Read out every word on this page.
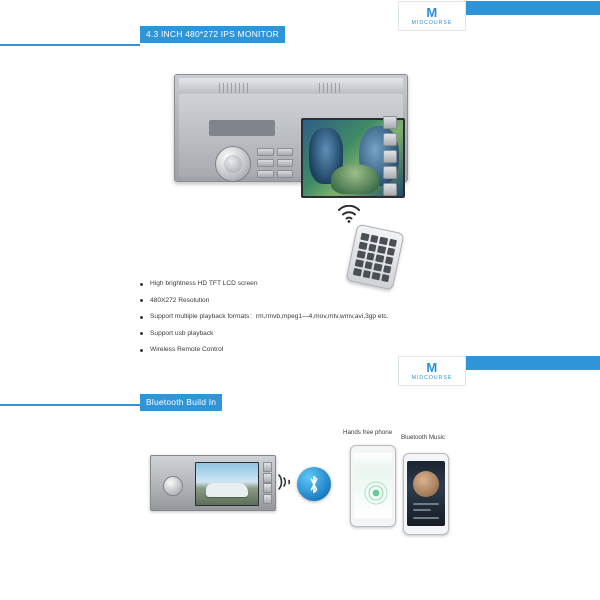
M
MIDCOURSE
4.3 INCH 480*272 IPS MONITOR
High brightness HD TFT LCD screen
480X272 Resolution
Support multiple playback formats：rm,rmvb,mpeg1—4,mov,mtv,wmv,avi,3gp etc.
Support usb playback
Wireless Remote Control
M
MIDCOURSE
Bluetooth Build In
Hands free phone
Bluetooth Music
